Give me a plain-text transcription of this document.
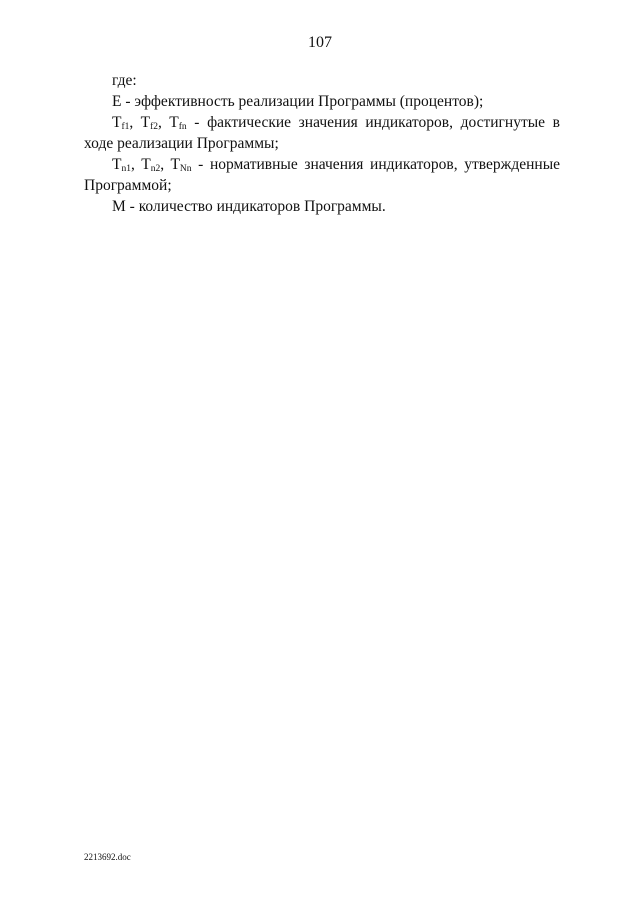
107

где:

E - эффективность реализации Программы (процентов);

$T_{f1}$, $T_{f2}$, $T_{fn}$ - фактические значения индикаторов, достигнутые в ходе реализации Программы;

$T_{n1}$, $T_{n2}$, $T_{Nn}$ - нормативные значения индикаторов, утвержденные Программой;

M - количество индикаторов Программы.

2213692.doc
